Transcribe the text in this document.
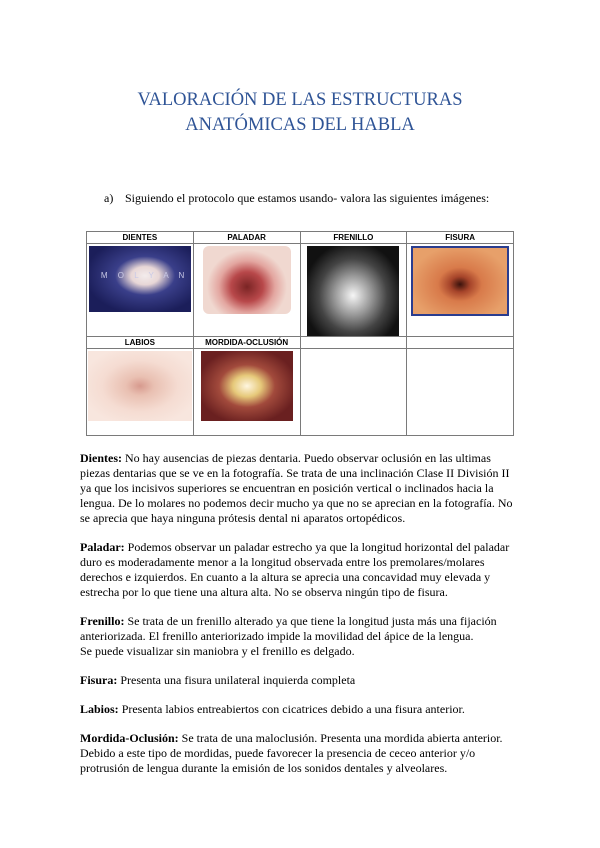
VALORACIÓN DE LAS ESTRUCTURAS
ANATÓMICAS DEL HABLA
a) Siguiendo el protocolo que estamos usando- valora las siguientes imágenes:
DIENTES	PALADAR	FRENILLO	FISURA

M O L Y A N			

LABIOS	MORDIDA-OCLUSIÓN		

Dientes: No hay ausencias de piezas dentaria. Puedo observar oclusión en las ultimas piezas dentarias que se ve en la fotografía. Se trata de una inclinación Clase II División II ya que los incisivos superiores se encuentran en posición vertical o inclinados hacia la lengua. De lo molares no podemos decir mucho ya que no se aprecian en la fotografía. No se aprecia que haya ninguna prótesis dental ni aparatos ortopédicos.

Paladar: Podemos observar un paladar estrecho ya que la longitud horizontal del paladar duro es moderadamente menor a la longitud observada entre los premolares/molares derechos e izquierdos. En cuanto a la altura se aprecia una concavidad muy elevada y estrecha por lo que tiene una altura alta. No se observa ningún tipo de fisura.

Frenillo: Se trata de un frenillo alterado ya que tiene la longitud justa más una fijación anteriorizada. El frenillo anteriorizado impide la movilidad del ápice de la lengua.
Se puede visualizar sin maniobra y el frenillo es delgado.

Fisura: Presenta una fisura unilateral inquierda completa

Labios: Presenta labios entreabiertos con cicatrices debido a una fisura anterior.

Mordida-Oclusión: Se trata de una maloclusión. Presenta una mordida abierta anterior. Debido a este tipo de mordidas, puede favorecer la presencia de ceceo anterior y/o protrusión de lengua durante la emisión de los sonidos dentales y alveolares.
